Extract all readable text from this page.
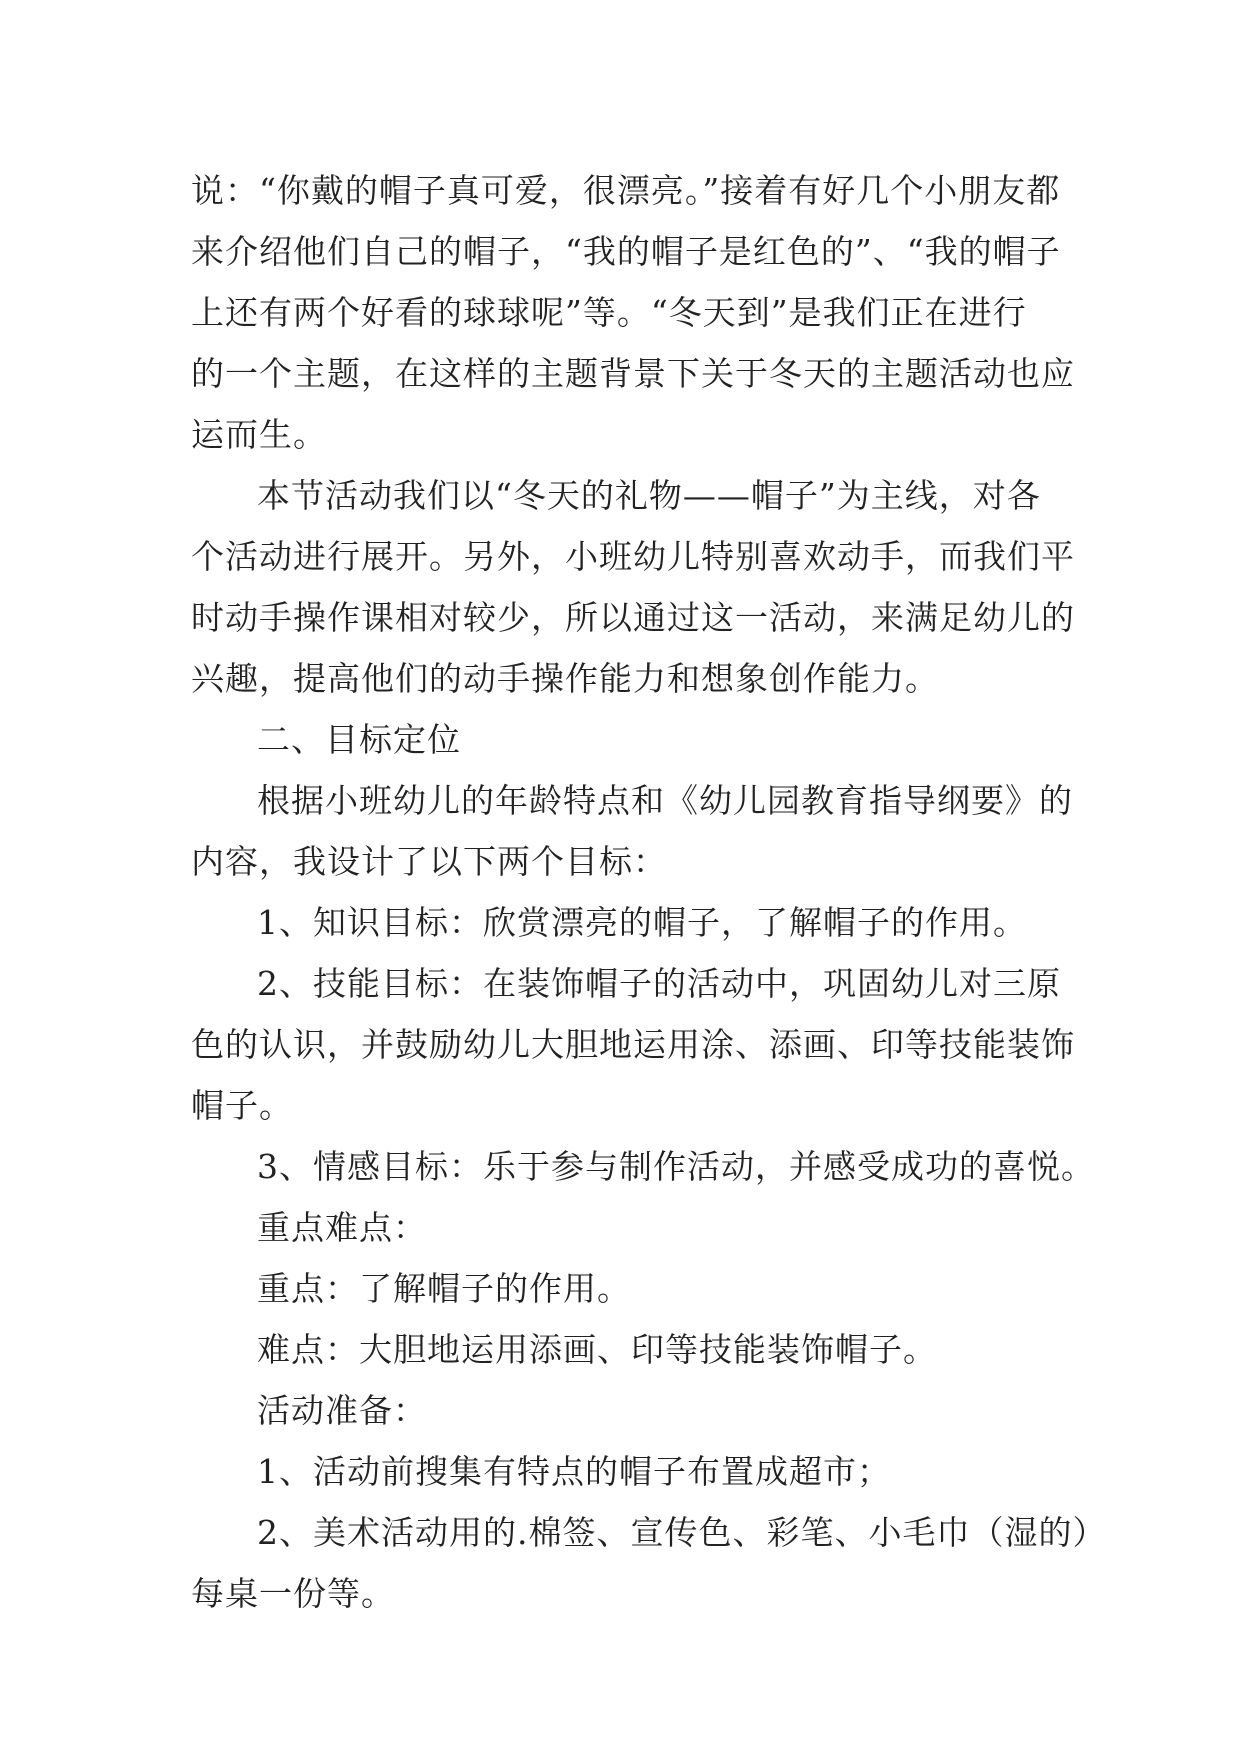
说：“你戴的帽子真可爱，很漂亮。”接着有好几个小朋友都

来介绍他们自己的帽子，“我的帽子是红色的”、“我的帽子

上还有两个好看的球球呢”等。“冬天到”是我们正在进行

的一个主题，在这样的主题背景下关于冬天的主题活动也应

运而生。

本节活动我们以“冬天的礼物——帽子”为主线，对各

个活动进行展开。另外，小班幼儿特别喜欢动手，而我们平

时动手操作课相对较少，所以通过这一活动，来满足幼儿的

兴趣，提高他们的动手操作能力和想象创作能力。

二、目标定位

根据小班幼儿的年龄特点和《幼儿园教育指导纲要》的

内容，我设计了以下两个目标：

1、知识目标：欣赏漂亮的帽子，了解帽子的作用。

2、技能目标：在装饰帽子的活动中，巩固幼儿对三原

色的认识，并鼓励幼儿大胆地运用涂、添画、印等技能装饰

帽子。

3、情感目标：乐于参与制作活动，并感受成功的喜悦。

重点难点：

重点：了解帽子的作用。

难点：大胆地运用添画、印等技能装饰帽子。

活动准备：

1、活动前搜集有特点的帽子布置成超市；

2、美术活动用的.棉签、宣传色、彩笔、小毛巾（湿的）

每桌一份等。
